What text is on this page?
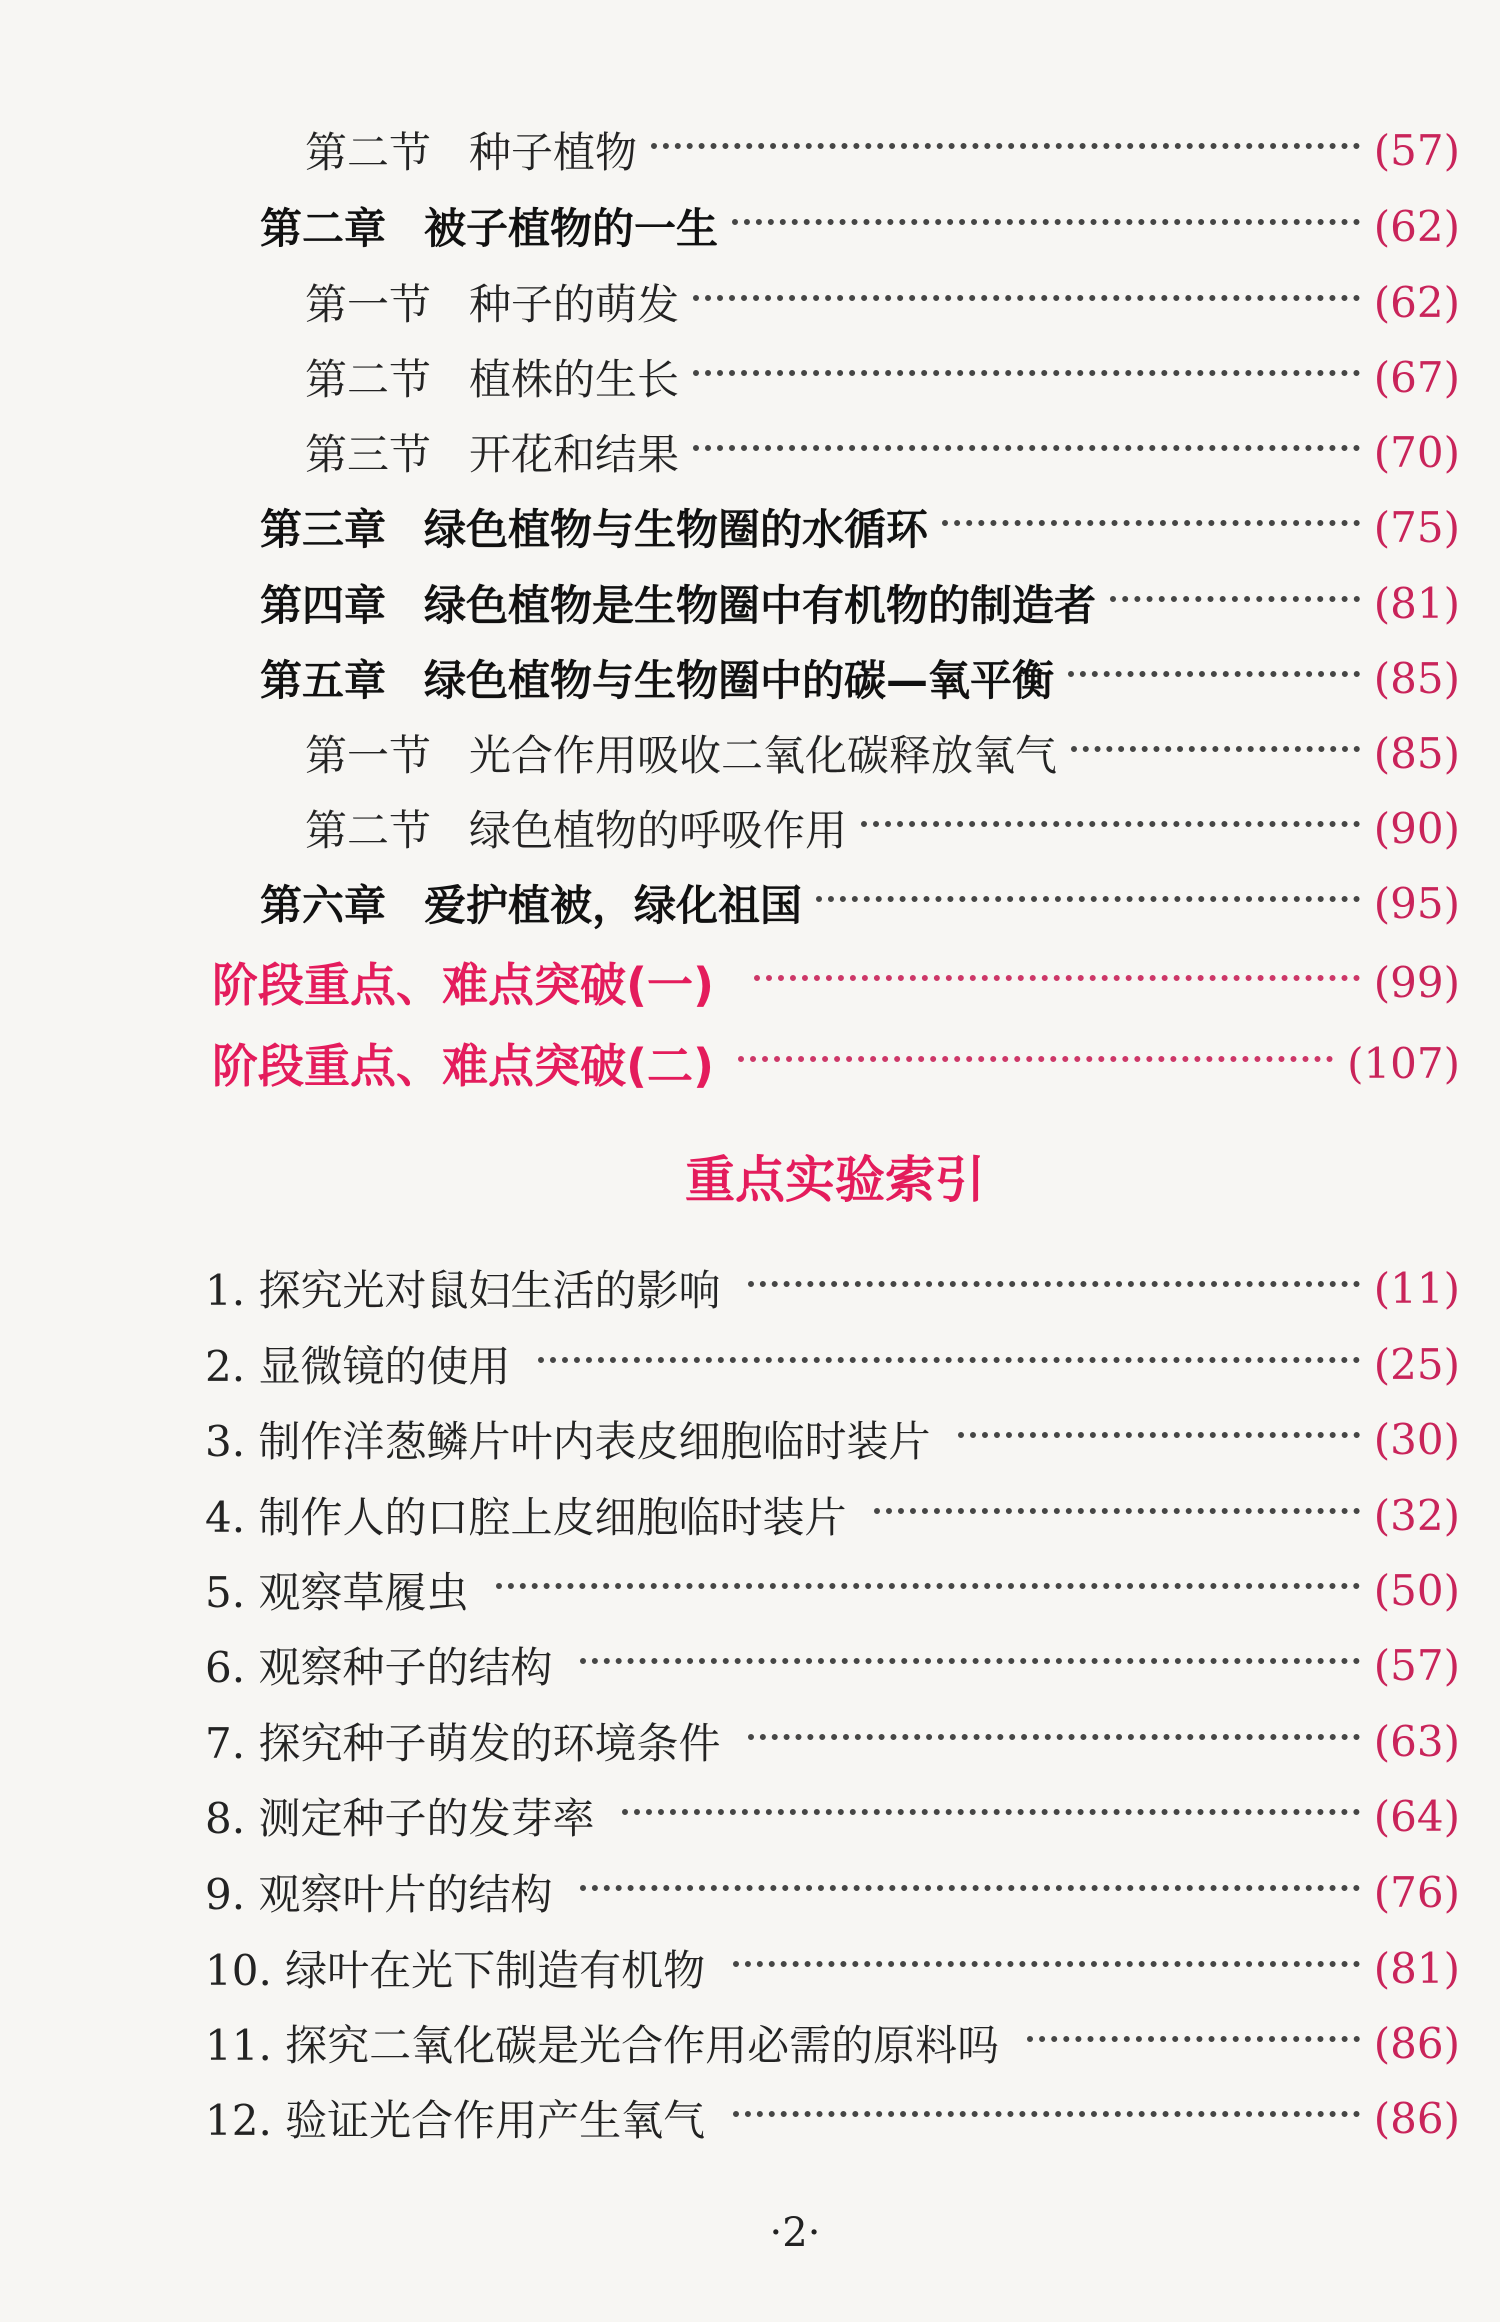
第二节 种子植物	(57)
第二章 被子植物的一生	(62)
第一节 种子的萌发	(62)
第二节 植株的生长	(67)
第三节 开花和结果	(70)
第三章 绿色植物与生物圈的水循环	(75)
第四章 绿色植物是生物圈中有机物的制造者	(81)
第五章 绿色植物与生物圈中的碳—氧平衡	(85)
第一节 光合作用吸收二氧化碳释放氧气	(85)
第二节 绿色植物的呼吸作用	(90)
第六章 爱护植被，绿化祖国	(95)
阶段重点、难点突破(一)	(99)
阶段重点、难点突破(二)	(107)
重点实验索引
1. 探究光对鼠妇生活的影响	(11)
2. 显微镜的使用	(25)
3. 制作洋葱鳞片叶内表皮细胞临时装片	(30)
4. 制作人的口腔上皮细胞临时装片	(32)
5. 观察草履虫	(50)
6. 观察种子的结构	(57)
7. 探究种子萌发的环境条件	(63)
8. 测定种子的发芽率	(64)
9. 观察叶片的结构	(76)
10. 绿叶在光下制造有机物	(81)
11. 探究二氧化碳是光合作用必需的原料吗	(86)
12. 验证光合作用产生氧气	(86)
·2·
